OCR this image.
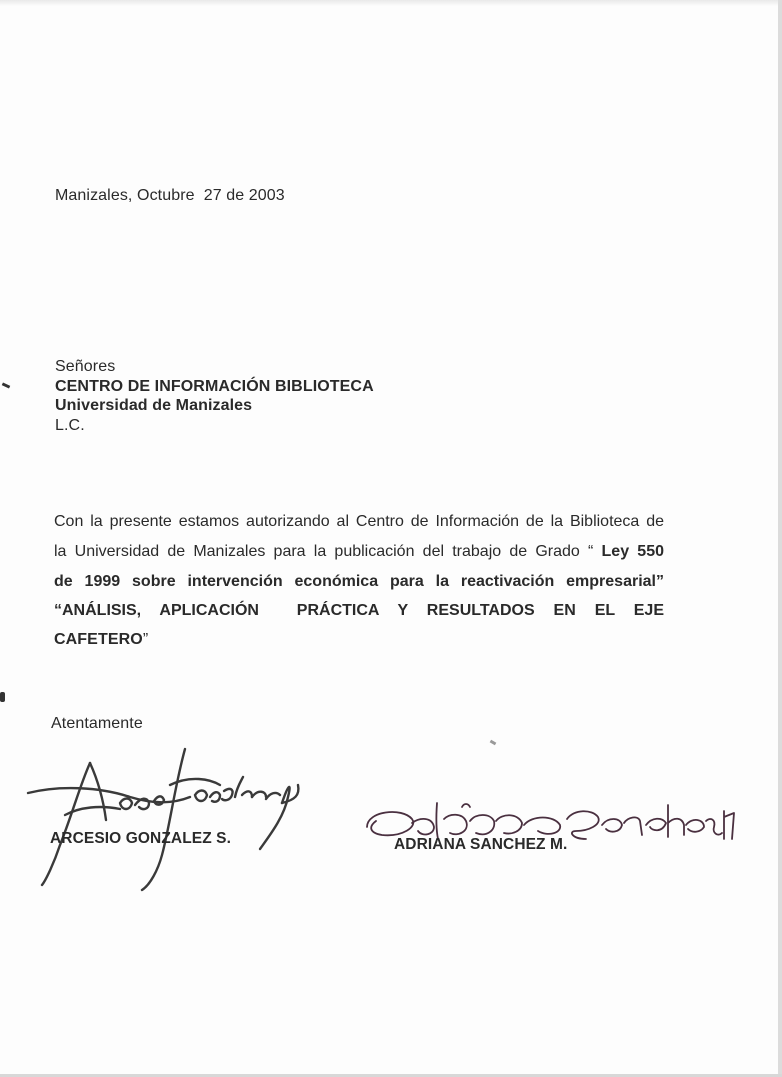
Manizales, Octubre  27 de 2003
Señores
CENTRO DE INFORMACIÓN BIBLIOTECA
Universidad de Manizales
L.C.
Con la presente estamos autorizando al Centro de Información de la Biblioteca de
la Universidad de Manizales para la publicación del trabajo de Grado “ Ley 550
de 1999 sobre intervención económica para la reactivación empresarial”
“ANÁLISIS, APLICACIÓN  PRÁCTICA Y RESULTADOS EN EL EJE
CAFETERO”
Atentamente
ARCESIO GONZALEZ S.	ADRIANA SANCHEZ M.
